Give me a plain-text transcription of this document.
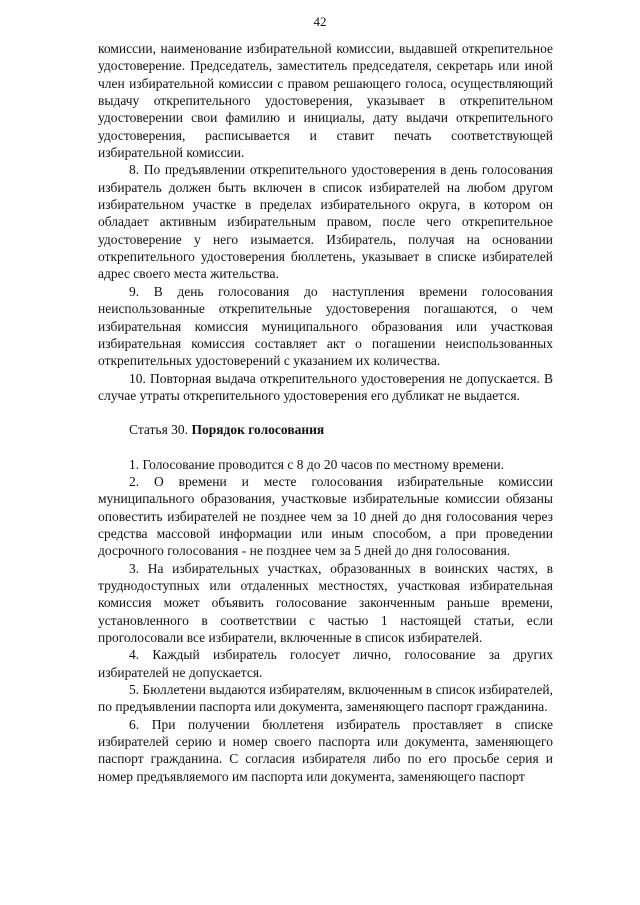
42

комиссии, наименование избирательной комиссии, выдавшей открепительное удостоверение. Председатель, заместитель председателя, секретарь или иной член избирательной комиссии с правом решающего голоса, осуществляющий выдачу открепительного удостоверения, указывает в открепительном удостоверении свои фамилию и инициалы, дату выдачи открепительного удостоверения, расписывается и ставит печать соответствующей избирательной комиссии.

8. По предъявлении открепительного удостоверения в день голосования избиратель должен быть включен в список избирателей на любом другом избирательном участке в пределах избирательного округа, в котором он обладает активным избирательным правом, после чего открепительное удостоверение у него изымается. Избиратель, получая на основании открепительного удостоверения бюллетень, указывает в списке избирателей адрес своего места жительства.

9. В день голосования до наступления времени голосования неиспользованные открепительные удостоверения погашаются, о чем избирательная комиссия муниципального образования или участковая избирательная комиссия составляет акт о погашении неиспользованных открепительных удостоверений с указанием их количества.

10. Повторная выдача открепительного удостоверения не допускается. В случае утраты открепительного удостоверения его дубликат не выдается.

Статья 30. Порядок голосования

1. Голосование проводится с 8 до 20 часов по местному времени.

2. О времени и месте голосования избирательные комиссии муниципального образования, участковые избирательные комиссии обязаны оповестить избирателей не позднее чем за 10 дней до дня голосования через средства массовой информации или иным способом, а при проведении досрочного голосования - не позднее чем за 5 дней до дня голосования.

3. На избирательных участках, образованных в воинских частях, в труднодоступных или отдаленных местностях, участковая избирательная комиссия может объявить голосование законченным раньше времени, установленного в соответствии с частью 1 настоящей статьи, если проголосовали все избиратели, включенные в список избирателей.

4. Каждый избиратель голосует лично, голосование за других избирателей не допускается.

5. Бюллетени выдаются избирателям, включенным в список избирателей, по предъявлении паспорта или документа, заменяющего паспорт гражданина.

6. При получении бюллетеня избиратель проставляет в списке избирателей серию и номер своего паспорта или документа, заменяющего паспорт гражданина. С согласия избирателя либо по его просьбе серия и номер предъявляемого им паспорта или документа, заменяющего паспорт
